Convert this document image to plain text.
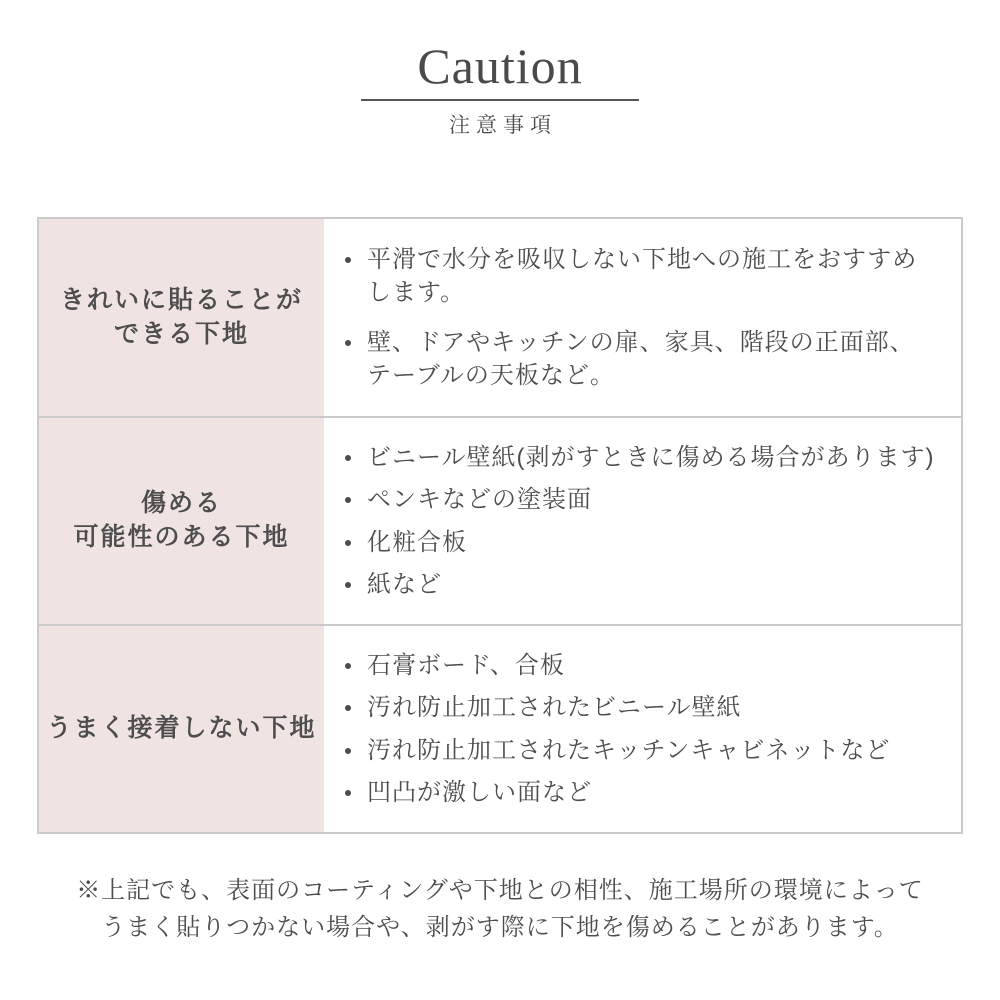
Caution
注意事項
きれいに貼ることが
できる下地
平滑で水分を吸収しない下地への施工をおすすめします。
壁、ドアやキッチンの扉、家具、階段の正面部、テーブルの天板など。
傷める
可能性のある下地
ビニール壁紙(剥がすときに傷める場合があります)
ペンキなどの塗装面
化粧合板
紙など
うまく接着しない下地
石膏ボード、合板
汚れ防止加工されたビニール壁紙
汚れ防止加工されたキッチンキャビネットなど
凹凸が激しい面など
※上記でも、表面のコーティングや下地との相性、施工場所の環境によって
うまく貼りつかない場合や、剥がす際に下地を傷めることがあります。
